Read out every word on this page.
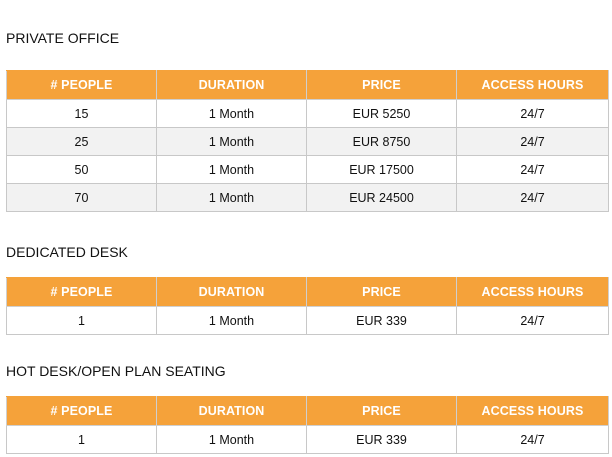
PRIVATE OFFICE
# PEOPLE	DURATION	PRICE	ACCESS HOURS
15	1 Month	EUR 5250	24/7
25	1 Month	EUR 8750	24/7
50	1 Month	EUR 17500	24/7
70	1 Month	EUR 24500	24/7
DEDICATED DESK
# PEOPLE	DURATION	PRICE	ACCESS HOURS
1	1 Month	EUR 339	24/7
HOT DESK/OPEN PLAN SEATING
# PEOPLE	DURATION	PRICE	ACCESS HOURS
1	1 Month	EUR 339	24/7
